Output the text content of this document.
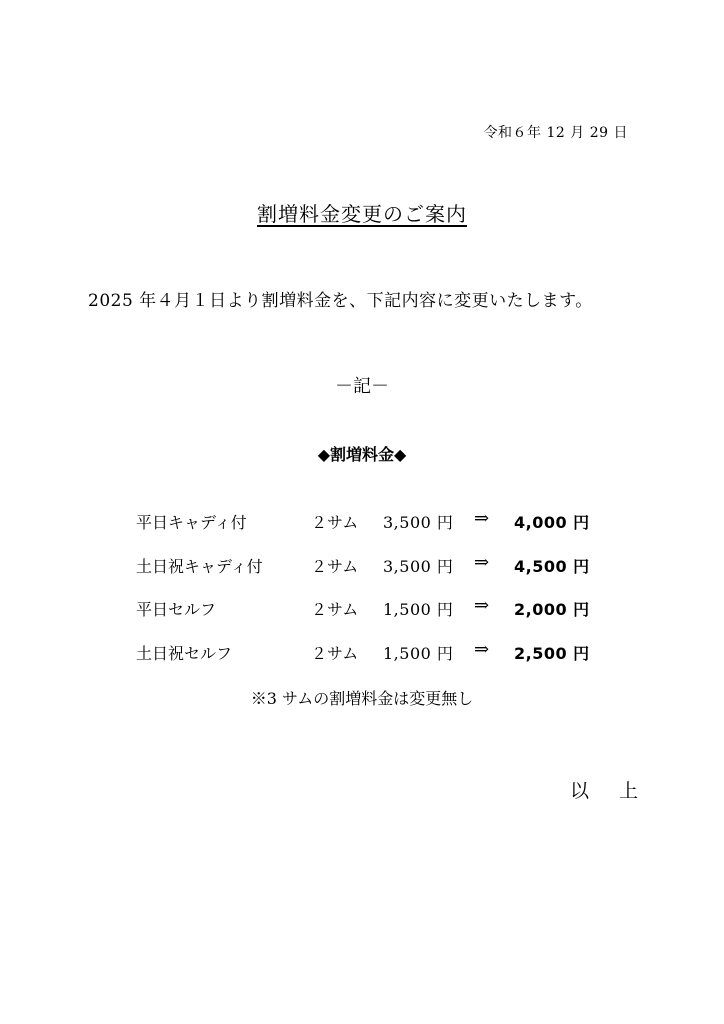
令和６年 12 月 29 日
割増料金変更のご案内
2025 年４月１日より割増料金を、下記内容に変更いたします。
－記－
◆割増料金◆
平日キャディ付	２サム 3,500 円 ⇒ 4,000 円
土日祝キャディ付	２サム 3,500 円 ⇒ 4,500 円
平日セルフ	２サム 1,500 円 ⇒ 2,000 円
土日祝セルフ	２サム 1,500 円 ⇒ 2,500 円
※3 サムの割増料金は変更無し
以 上
